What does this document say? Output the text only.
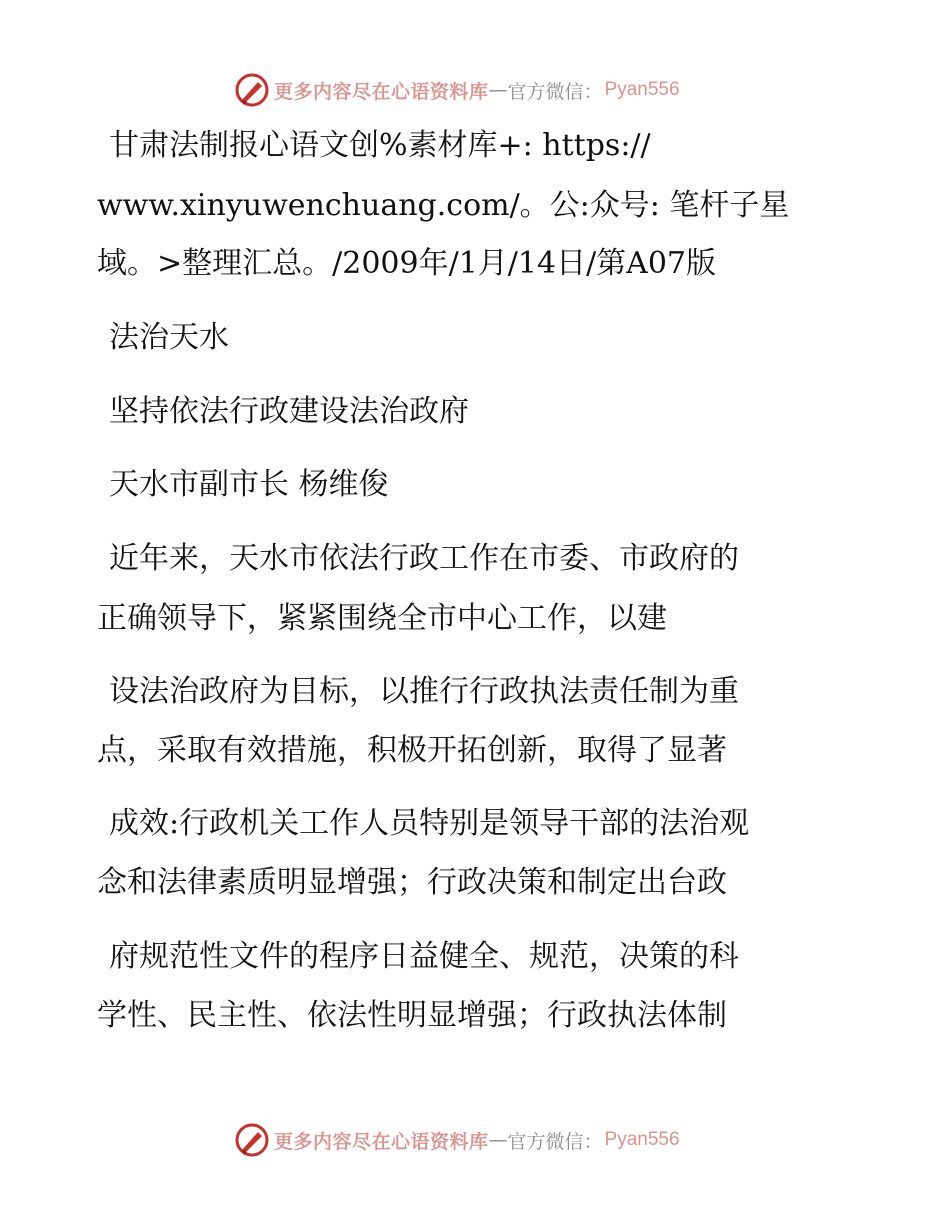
更多内容尽在心语资料库 — 官方微信： Pyan556

甘肃法制报心语文创%素材库+: https://

www.xinyuwenchuang.com/。公:众号: 笔杆子星

域。>整理汇总。/2009年/1月/14日/第A07版

法治天水

坚持依法行政建设法治政府

天水市副市长 杨维俊

近年来，天水市依法行政工作在市委、市政府的

正确领导下，紧紧围绕全市中心工作，以建

设法治政府为目标，以推行行政执法责任制为重

点，采取有效措施，积极开拓创新，取得了显著

成效:行政机关工作人员特别是领导干部的法治观

念和法律素质明显增强；行政决策和制定出台政

府规范性文件的程序日益健全、规范，决策的科

学性、民主性、依法性明显增强；行政执法体制

更多内容尽在心语资料库 — 官方微信： Pyan556
